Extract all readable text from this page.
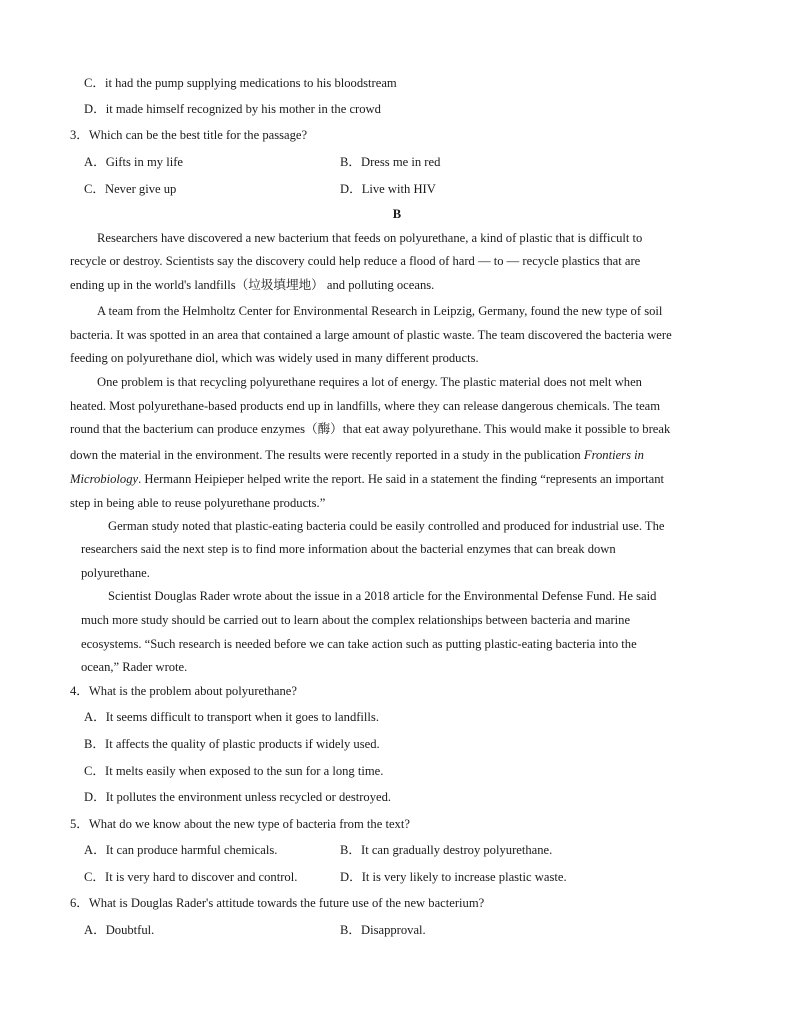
C．it had the pump supplying medications to his bloodstream
D．it made himself recognized by his mother in the crowd
3．Which can be the best title for the passage?
A．Gifts in my life	B．Dress me in red
C．Never give up	D．Live with HIV
B
Researchers have discovered a new bacterium that feeds on polyurethane, a kind of plastic that is difficult to
recycle or destroy. Scientists say the discovery could help reduce a flood of hard — to — recycle plastics that are
ending up in the world's landfills（垃圾填埋地） and polluting oceans.
A team from the Helmholtz Center for Environmental Research in Leipzig, Germany, found the new type of soil
bacteria. It was spotted in an area that contained a large amount of plastic waste. The team discovered the bacteria were
feeding on polyurethane diol, which was widely used in many different products.
One problem is that recycling polyurethane requires a lot of energy. The plastic material does not melt when
heated. Most polyurethane-based products end up in landfills, where they can release dangerous chemicals. The team
round that the bacterium can produce enzymes（酶）that eat away polyurethane. This would make it possible to break
down the material in the environment. The results were recently reported in a study in the publication Frontiers in
Microbiology. Hermann Heipieper helped write the report. He said in a statement the finding “represents an important
step in being able to reuse polyurethane products.”
German study noted that plastic-eating bacteria could be easily controlled and produced for industrial use. The
researchers said the next step is to find more information about the bacterial enzymes that can break down
polyurethane.
Scientist Douglas Rader wrote about the issue in a 2018 article for the Environmental Defense Fund. He said
much more study should be carried out to learn about the complex relationships between bacteria and marine
ecosystems. “Such research is needed before we can take action such as putting plastic-eating bacteria into the
ocean,” Rader wrote.
4．What is the problem about polyurethane?
A．It seems difficult to transport when it goes to landfills.
B．It affects the quality of plastic products if widely used.
C．It melts easily when exposed to the sun for a long time.
D．It pollutes the environment unless recycled or destroyed.
5．What do we know about the new type of bacteria from the text?
A．It can produce harmful chemicals.	B．It can gradually destroy polyurethane.
C．It is very hard to discover and control.	D．It is very likely to increase plastic waste.
6．What is Douglas Rader's attitude towards the future use of the new bacterium?
A．Doubtful.	B．Disapproval.
